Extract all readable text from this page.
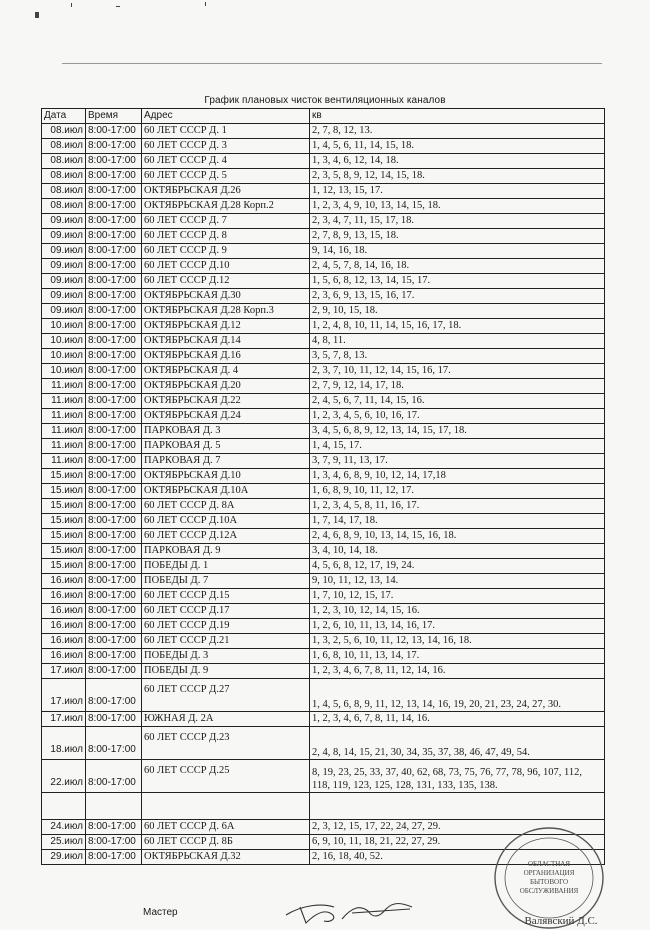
График плановых чисток вентиляционных каналов
Дата	Время	Адрес	кв
08.июл	8:00-17:00	60 ЛЕТ СССР Д. 1	2, 7, 8, 12, 13.
08.июл	8:00-17:00	60 ЛЕТ СССР Д. 3	1, 4, 5, 6, 11, 14, 15, 18.
08.июл	8:00-17:00	60 ЛЕТ СССР Д. 4	1, 3, 4, 6, 12, 14, 18.
08.июл	8:00-17:00	60 ЛЕТ СССР Д. 5	2, 3, 5, 8, 9, 12, 14, 15, 18.
08.июл	8:00-17:00	ОКТЯБРЬСКАЯ Д.26	1, 12, 13, 15, 17.
08.июл	8:00-17:00	ОКТЯБРЬСКАЯ Д.28 Корп.2	1, 2, 3, 4, 9, 10, 13, 14, 15, 18.
09.июл	8:00-17:00	60 ЛЕТ СССР Д. 7	2, 3, 4, 7, 11, 15, 17, 18.
09.июл	8:00-17:00	60 ЛЕТ СССР Д. 8	2, 7, 8, 9, 13, 15, 18.
09.июл	8:00-17:00	60 ЛЕТ СССР Д. 9	9, 14, 16, 18.
09.июл	8:00-17:00	60 ЛЕТ СССР Д.10	2, 4, 5, 7, 8, 14, 16, 18.
09.июл	8:00-17:00	60 ЛЕТ СССР Д.12	1, 5, 6, 8, 12, 13, 14, 15, 17.
09.июл	8:00-17:00	ОКТЯБРЬСКАЯ Д.30	2, 3, 6, 9, 13, 15, 16, 17.
09.июл	8:00-17:00	ОКТЯБРЬСКАЯ Д.28 Корп.3	2, 9, 10, 15, 18.
10.июл	8:00-17:00	ОКТЯБРЬСКАЯ Д.12	1, 2, 4, 8, 10, 11, 14, 15, 16, 17, 18.
10.июл	8:00-17:00	ОКТЯБРЬСКАЯ Д.14	4, 8, 11.
10.июл	8:00-17:00	ОКТЯБРЬСКАЯ Д.16	3, 5, 7, 8, 13.
10.июл	8:00-17:00	ОКТЯБРЬСКАЯ Д. 4	2, 3, 7, 10, 11, 12, 14, 15, 16, 17.
11.июл	8:00-17:00	ОКТЯБРЬСКАЯ Д.20	2, 7, 9, 12, 14, 17, 18.
11.июл	8:00-17:00	ОКТЯБРЬСКАЯ Д.22	2, 4, 5, 6, 7, 11, 14, 15, 16.
11.июл	8:00-17:00	ОКТЯБРЬСКАЯ Д.24	1, 2, 3, 4, 5, 6, 10, 16, 17.
11.июл	8:00-17:00	ПАРКОВАЯ Д. 3	3, 4, 5, 6, 8, 9, 12, 13, 14, 15, 17, 18.
11.июл	8:00-17:00	ПАРКОВАЯ Д. 5	1, 4, 15, 17.
11.июл	8:00-17:00	ПАРКОВАЯ Д. 7	3, 7, 9, 11, 13, 17.
15.июл	8:00-17:00	ОКТЯБРЬСКАЯ Д.10	1, 3, 4, 6, 8, 9, 10, 12, 14, 17,18
15.июл	8:00-17:00	ОКТЯБРЬСКАЯ Д.10А	1, 6, 8, 9, 10, 11, 12, 17.
15.июл	8:00-17:00	60 ЛЕТ СССР Д. 8А	1, 2, 3, 4, 5, 8, 11, 16, 17.
15.июл	8:00-17:00	60 ЛЕТ СССР Д.10А	1, 7, 14, 17, 18.
15.июл	8:00-17:00	60 ЛЕТ СССР Д.12А	2, 4, 6, 8, 9, 10, 13, 14, 15, 16, 18.
15.июл	8:00-17:00	ПАРКОВАЯ Д. 9	3, 4, 10, 14, 18.
15.июл	8:00-17:00	ПОБЕДЫ Д. 1	4, 5, 6, 8, 12, 17, 19, 24.
16.июл	8:00-17:00	ПОБЕДЫ Д. 7	9, 10, 11, 12, 13, 14.
16.июл	8:00-17:00	60 ЛЕТ СССР Д.15	1, 7, 10, 12, 15, 17.
16.июл	8:00-17:00	60 ЛЕТ СССР Д.17	1, 2, 3, 10, 12, 14, 15, 16.
16.июл	8:00-17:00	60 ЛЕТ СССР Д.19	1, 2, 6, 10, 11, 13, 14, 16, 17.
16.июл	8:00-17:00	60 ЛЕТ СССР Д.21	1, 3, 2, 5, 6, 10, 11, 12, 13, 14, 16, 18.
16.июл	8:00-17:00	ПОБЕДЫ Д. 3	1, 6, 8, 10, 11, 13, 14, 17.
17.июл	8:00-17:00	ПОБЕДЫ Д. 9	1, 2, 3, 4, 6, 7, 8, 11, 12, 14, 16.
17.июл	8:00-17:00	60 ЛЕТ СССР Д.27	1, 4, 5, 6, 8, 9, 11, 12, 13, 14, 16, 19, 20, 21, 23, 24, 27, 30.
17.июл	8:00-17:00	ЮЖНАЯ Д. 2А	1, 2, 3, 4, 6, 7, 8, 11, 14, 16.
18.июл	8:00-17:00	60 ЛЕТ СССР Д.23	2, 4, 8, 14, 15, 21, 30, 34, 35, 37, 38, 46, 47, 49, 54.
22.июл	8:00-17:00	60 ЛЕТ СССР Д.25	8, 19, 23, 25, 33, 37, 40, 62, 68, 73, 75, 76, 77, 78, 96, 107, 112, 118, 119, 123, 125, 128, 131, 133, 135, 138.

24.июл	8:00-17:00	60 ЛЕТ СССР Д. 6А	2, 3, 12, 15, 17, 22, 24, 27, 29.
25.июл	8:00-17:00	60 ЛЕТ СССР Д. 8Б	6, 9, 10, 11, 18, 21, 22, 27, 29.
29.июл	8:00-17:00	ОКТЯБРЬСКАЯ Д.32	2, 16, 18, 40, 52.
Мастер
ОБЛАСТНАЯ
ОРГАНИЗАЦИЯ
БЫТОВОГО
ОБСЛУЖИВАНИЯ
Валявский Д.С.
